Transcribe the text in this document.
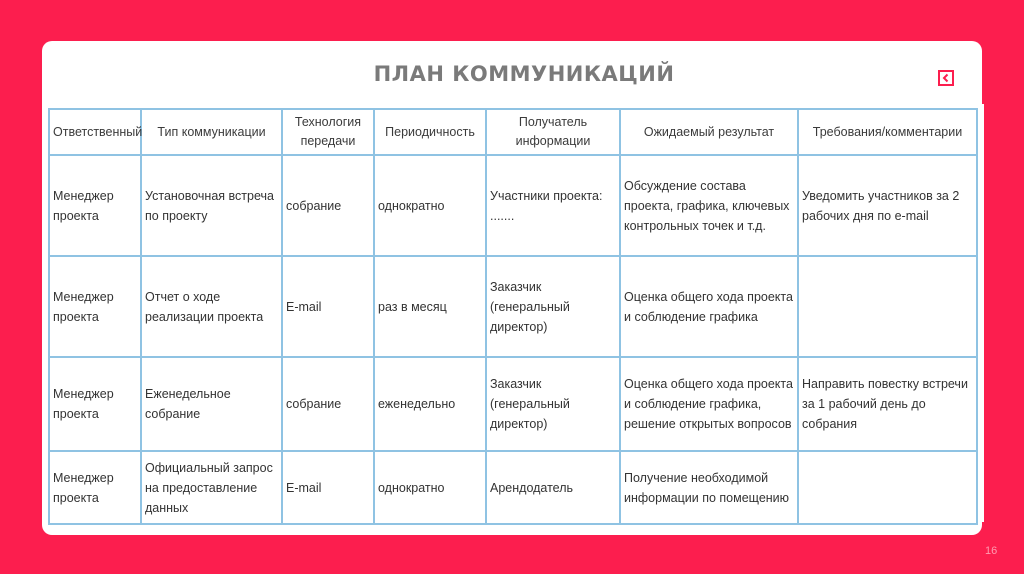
ПЛАН КОММУНИКАЦИЙ
Ответственный	Тип коммуникации	Технология передачи	Периодичность	Получатель информации	Ожидаемый результат	Требования/комментарии
Менеджер проекта	Установочная встреча по проекту	собрание	однократно	Участники проекта: .......	Обсуждение состава проекта, графика, ключевых контрольных точек и т.д.	Уведомить участников за 2 рабочих дня по e-mail
Менеджер проекта	Отчет о ходе реализации проекта	E-mail	раз в месяц	Заказчик (генеральный директор)	Оценка общего хода проекта и соблюдение графика	
Менеджер проекта	Еженедельное собрание	собрание	еженедельно	Заказчик (генеральный директор)	Оценка общего хода проекта и соблюдение графика, решение открытых вопросов	Направить повестку встречи за 1 рабочий день до собрания
Менеджер проекта	Официальный запрос на предоставление данных	E-mail	однократно	Арендодатель	Получение необходимой информации по помещению	
16
